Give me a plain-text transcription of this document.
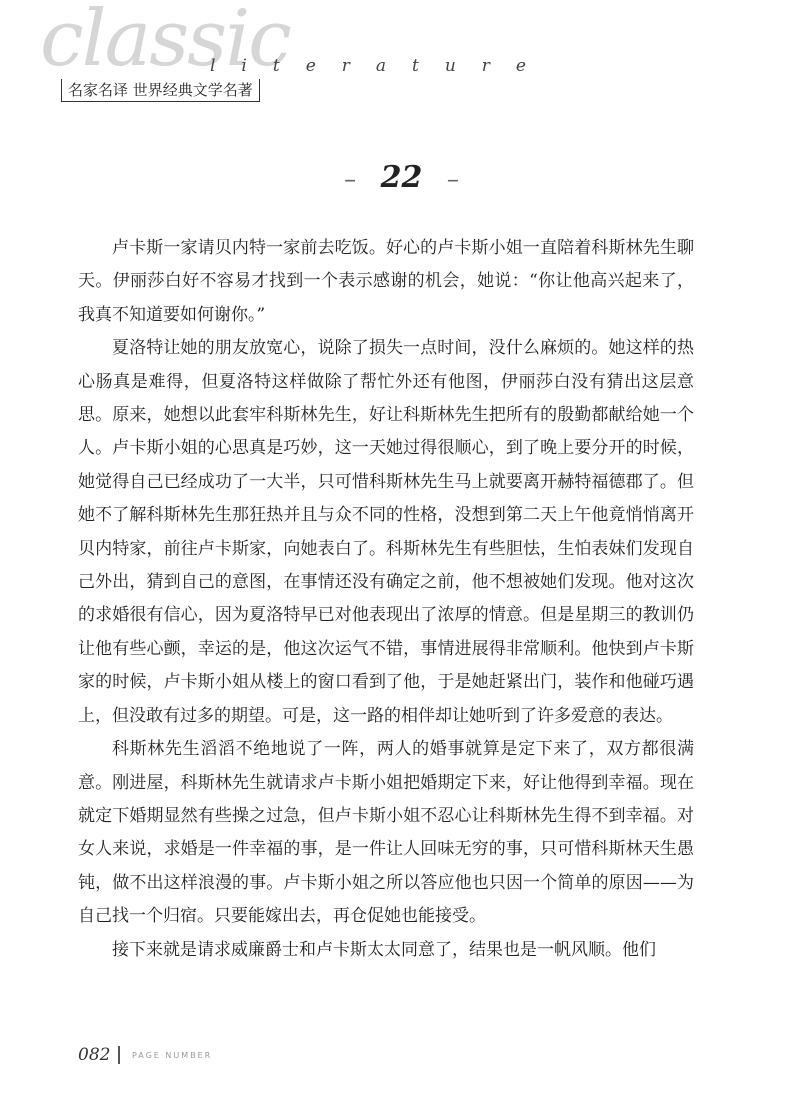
classic
literature
名家名译 世界经典文学名著
– 22 –

卢卡斯一家请贝内特一家前去吃饭。好心的卢卡斯小姐一直陪着科斯林先生聊天。伊丽莎白好不容易才找到一个表示感谢的机会，她说：“你让他高兴起来了，我真不知道要如何谢你。”

夏洛特让她的朋友放宽心，说除了损失一点时间，没什么麻烦的。她这样的热心肠真是难得，但夏洛特这样做除了帮忙外还有他图，伊丽莎白没有猜出这层意思。原来，她想以此套牢科斯林先生，好让科斯林先生把所有的殷勤都献给她一个人。卢卡斯小姐的心思真是巧妙，这一天她过得很顺心，到了晚上要分开的时候，她觉得自己已经成功了一大半，只可惜科斯林先生马上就要离开赫特福德郡了。但她不了解科斯林先生那狂热并且与众不同的性格，没想到第二天上午他竟悄悄离开贝内特家，前往卢卡斯家，向她表白了。科斯林先生有些胆怯，生怕表妹们发现自己外出，猜到自己的意图，在事情还没有确定之前，他不想被她们发现。他对这次的求婚很有信心，因为夏洛特早已对他表现出了浓厚的情意。但是星期三的教训仍让他有些心颤，幸运的是，他这次运气不错，事情进展得非常顺利。他快到卢卡斯家的时候，卢卡斯小姐从楼上的窗口看到了他，于是她赶紧出门，装作和他碰巧遇上，但没敢有过多的期望。可是，这一路的相伴却让她听到了许多爱意的表达。

科斯林先生滔滔不绝地说了一阵，两人的婚事就算是定下来了，双方都很满意。刚进屋，科斯林先生就请求卢卡斯小姐把婚期定下来，好让他得到幸福。现在就定下婚期显然有些操之过急，但卢卡斯小姐不忍心让科斯林先生得不到幸福。对女人来说，求婚是一件幸福的事，是一件让人回味无穷的事，只可惜科斯林天生愚钝，做不出这样浪漫的事。卢卡斯小姐之所以答应他也只因一个简单的原因——为自己找一个归宿。只要能嫁出去，再仓促她也能接受。

接下来就是请求威廉爵士和卢卡斯太太同意了，结果也是一帆风顺。他们

082	PAGE NUMBER
